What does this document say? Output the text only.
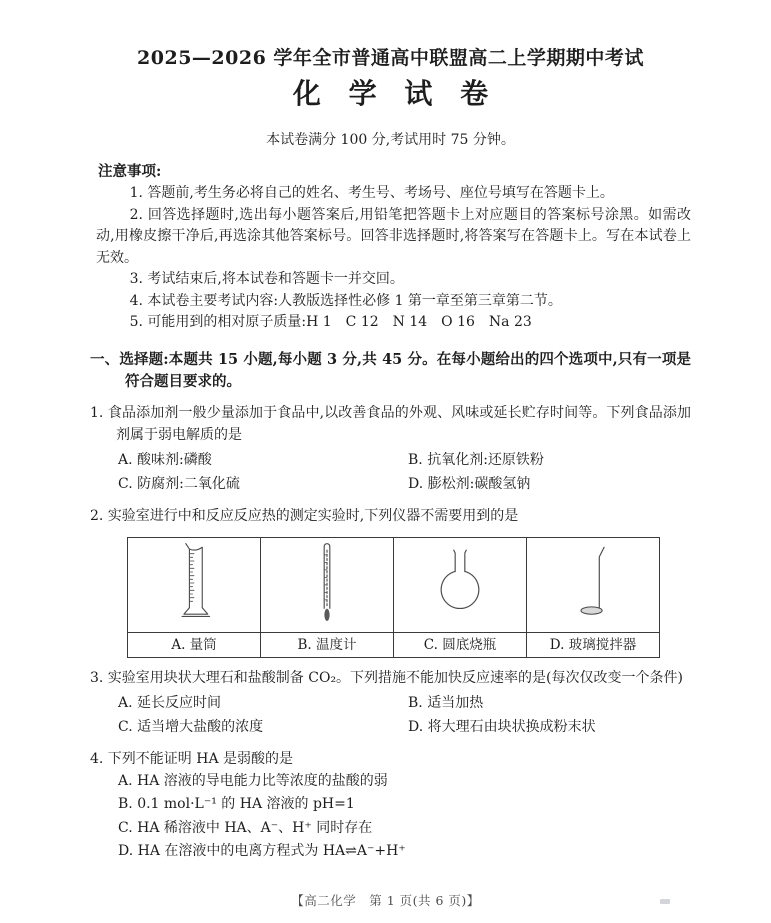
2025—2026 学年全市普通高中联盟高二上学期期中考试
化 学 试 卷
本试卷满分 100 分,考试用时 75 分钟。
注意事项:
1. 答题前,考生务必将自己的姓名、考生号、考场号、座位号填写在答题卡上。
2. 回答选择题时,选出每小题答案后,用铅笔把答题卡上对应题目的答案标号涂黑。如需改动,用橡皮擦干净后,再选涂其他答案标号。回答非选择题时,将答案写在答题卡上。写在本试卷上无效。
3. 考试结束后,将本试卷和答题卡一并交回。
4. 本试卷主要考试内容:人教版选择性必修 1 第一章至第三章第二节。
5. 可能用到的相对原子质量:H 1　C 12　N 14　O 16　Na 23
一、选择题:本题共 15 小题,每小题 3 分,共 45 分。在每小题给出的四个选项中,只有一项是符合题目要求的。
1. 食品添加剂一般少量添加于食品中,以改善食品的外观、风味或延长贮存时间等。下列食品添加剂属于弱电解质的是
A. 酸味剂:磷酸	B. 抗氧化剂:还原铁粉
C. 防腐剂:二氧化硫	D. 膨松剂:碳酸氢钠
2. 实验室进行中和反应反应热的测定实验时,下列仪器不需要用到的是

A. 量筒	B. 温度计	C. 圆底烧瓶	D. 玻璃搅拌器
3. 实验室用块状大理石和盐酸制备 CO₂。下列措施不能加快反应速率的是(每次仅改变一个条件)
A. 延长反应时间	B. 适当加热
C. 适当增大盐酸的浓度	D. 将大理石由块状换成粉末状
4. 下列不能证明 HA 是弱酸的是
A. HA 溶液的导电能力比等浓度的盐酸的弱
B. 0.1 mol·L⁻¹ 的 HA 溶液的 pH=1
C. HA 稀溶液中 HA、A⁻、H⁺ 同时存在
D. HA 在溶液中的电离方程式为 HA⇌A⁻+H⁺
【高二化学　第 1 页(共 6 页)】
